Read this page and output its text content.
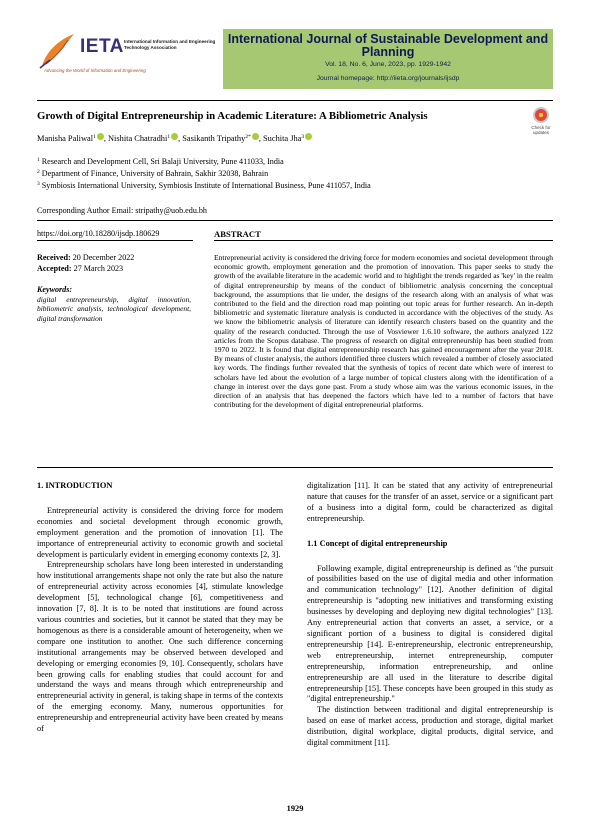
IETA International Information and Engineering Technology Association
Advancing the World of Information and Engineering
International Journal of Sustainable Development and Planning
Vol. 18, No. 6, June, 2023, pp. 1929-1942
Journal homepage: http://iieta.org/journals/ijsdp
Growth of Digital Entrepreneurship in Academic Literature: A Bibliometric Analysis
Check for updates
Manisha Paliwal$^1$ , Nishita Chatradhi$^1$ , Sasikanth Tripathy$^{2*}$ , Suchita Jha$^3$
$^1$ Research and Development Cell, Sri Balaji University, Pune 411033, India
$^2$ Department of Finance, University of Bahrain, Sakhir 32038, Bahrain
$^3$ Symbiosis International University, Symbiosis Institute of International Business, Pune 411057, India
Corresponding Author Email: stripathy@uob.edu.bh
https://doi.org/10.18280/ijsdp.180629	ABSTRACT
Received: 20 December 2022
Accepted: 27 March 2023
Keywords:
digital entrepreneurship, digital innovation, bibliometric analysis, technological development, digital transformation
Entrepreneurial activity is considered the driving force for modern economies and societal development through economic growth, employment generation and the promotion of innovation. This paper seeks to study the growth of the available literature in the academic world and to highlight the trends regarded as 'key' in the realm of digital entrepreneurship by means of the conduct of bibliometric analysis concerning the conceptual background, the assumptions that lie under, the designs of the research along with an analysis of what was contributed to the field and the direction road map pointing out topic areas for further research. An in-depth bibliometric and systematic literature analysis is conducted in accordance with the objectives of the study. As we know the bibliometric analysis of literature can identify research clusters based on the quantity and the quality of the research conducted. Through the use of Vosviewer 1.6.10 software, the authors analyzed 122 articles from the Scopus database. The progress of research on digital entrepreneurship has been studied from 1970 to 2022. It is found that digital entrepreneurship research has gained encouragement after the year 2018. By means of cluster analysis, the authors identified three clusters which revealed a number of closely associated key words. The findings further revealed that the synthesis of topics of recent date which were of interest to scholars have led about the evolution of a large number of topical clusters along with the identification of a change in interest over the days gone past. From a study whose aim was the various economic issues, in the direction of an analysis that has deepened the factors which have led to a number of factors that have contributing for the development of digital entrepreneurial platforms.
1. INTRODUCTION

Entrepreneurial activity is considered the driving force for modern economies and societal development through economic growth, employment generation and the promotion of innovation [1]. The importance of entrepreneurial activity to economic growth and societal development is particularly evident in emerging economy contexts [2, 3].

Entrepreneurship scholars have long been interested in understanding how institutional arrangements shape not only the rate but also the nature of entrepreneurial activity across economies [4], stimulate knowledge development [5], technological change [6], competitiveness and innovation [7, 8]. It is to be noted that institutions are found across various countries and societies, but it cannot be stated that they may be homogenous as there is a considerable amount of heterogeneity, when we compare one institution to another. One such difference concerning institutional arrangements may be observed between developed and developing or emerging economies [9, 10]. Consequently, scholars have been growing calls for enabling studies that could account for and understand the ways and means through which entrepreneurship and entrepreneurial activity in general, is taking shape in terms of the contexts of the emerging economy. Many, numerous opportunities for entrepreneurship and entrepreneurial activity have been created by means of

digitalization [11]. It can be stated that any activity of entrepreneurial nature that causes for the transfer of an asset, service or a significant part of a business into a digital form, could be characterized as digital entrepreneurship.

1.1 Concept of digital entrepreneurship

Following example, digital entrepreneurship is defined as "the pursuit of possibilities based on the use of digital media and other information and communication technology" [12]. Another definition of digital entrepreneurship is "adopting new initiatives and transforming existing businesses by developing and deploying new digital technologies" [13]. Any entrepreneurial action that converts an asset, a service, or a significant portion of a business to digital is considered digital entrepreneurship [14]. E-entrepreneurship, electronic entrepreneurship, web entrepreneurship, internet entrepreneurship, computer entrepreneurship, information entrepreneurship, and online entrepreneurship are all used in the literature to describe digital entrepreneurship [15]. These concepts have been grouped in this study as "digital entrepreneurship."

The distinction between traditional and digital entrepreneurship is based on ease of market access, production and storage, digital market distribution, digital workplace, digital products, digital service, and digital commitment [11].

1929
